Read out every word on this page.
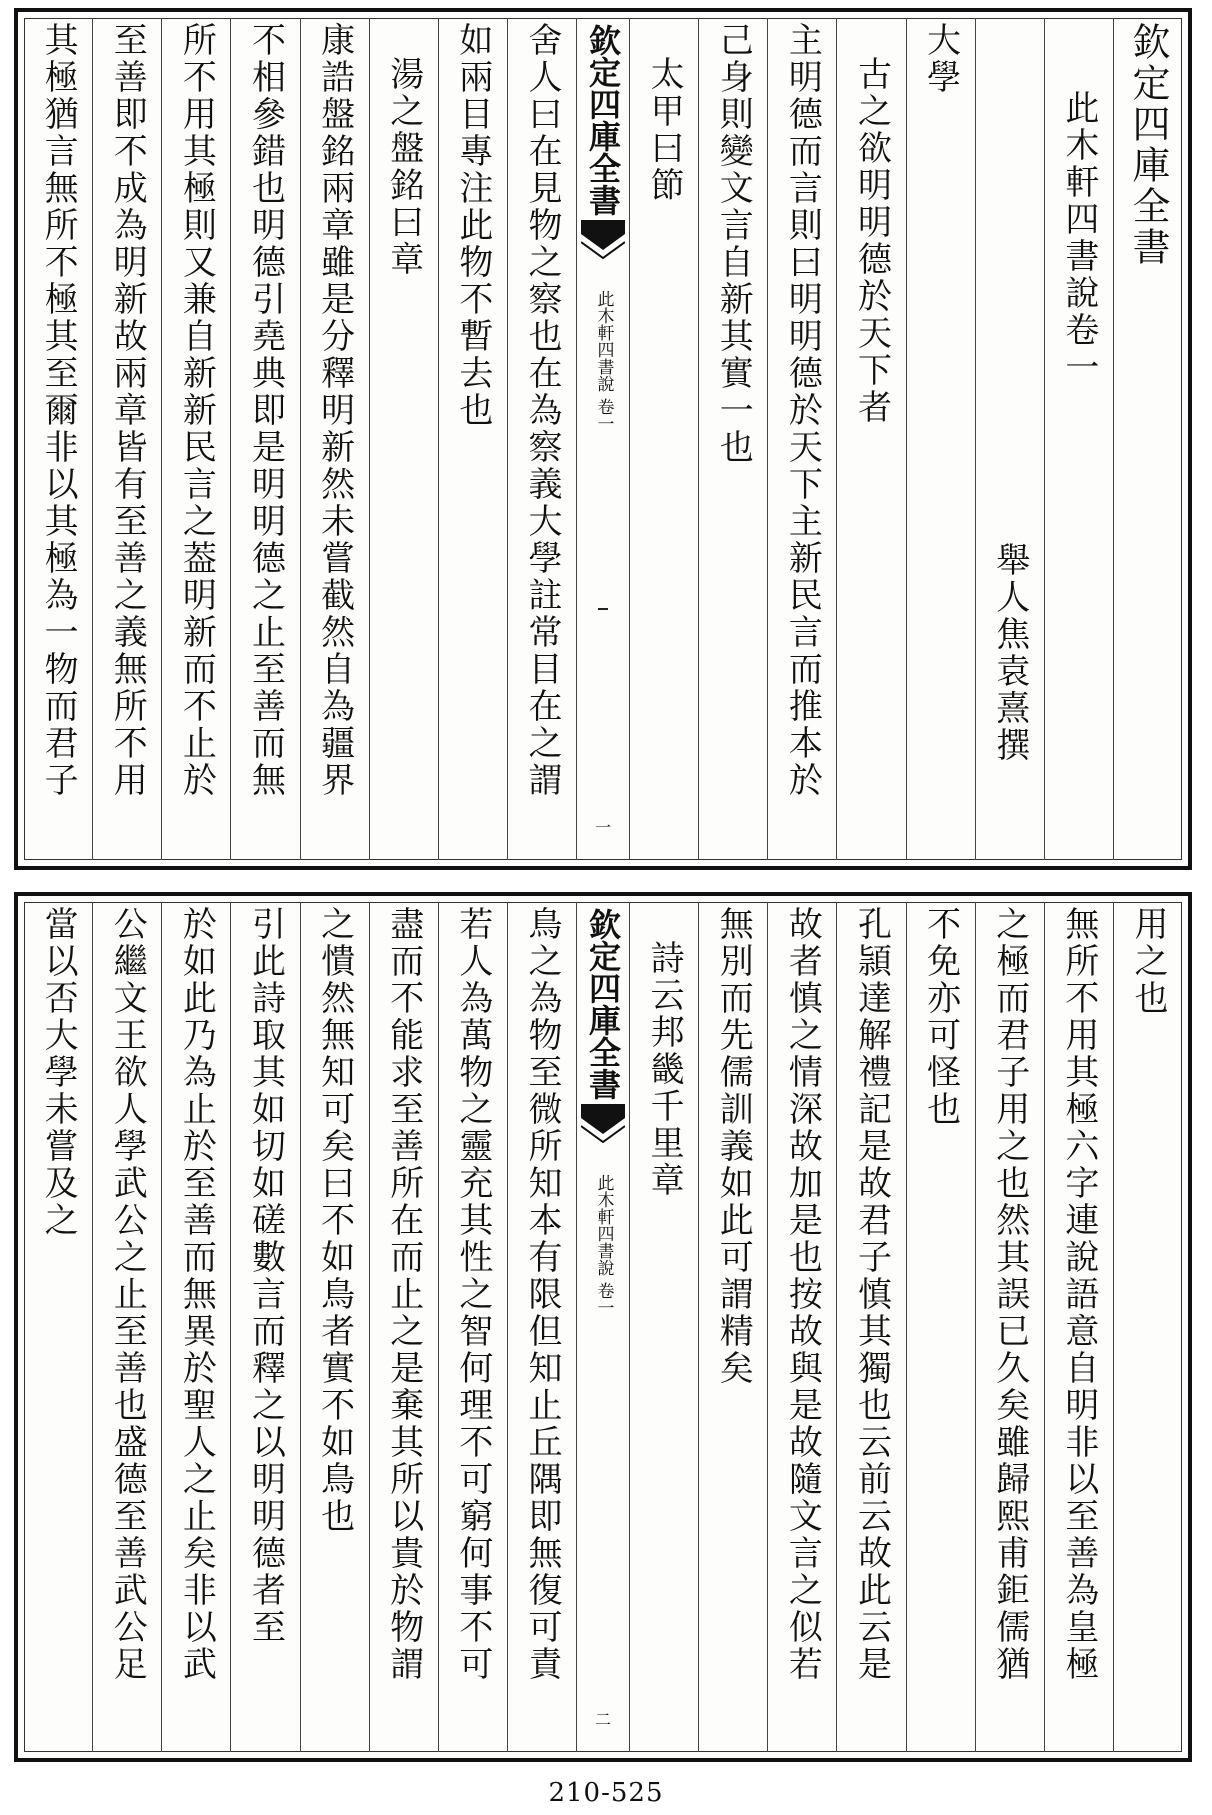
欽定四庫全書
此木軒四書說卷一
舉人焦袁熹撰
大學
古之欲明明德於天下者
主明德而言則曰明明德於天下主新民言而推本於
己身則變文言自新其實一也
太甲曰節
欽定四庫全書
此木軒四書說
卷一
一
舍人曰在見物之察也在為察義大學註常目在之謂
如兩目專注此物不暫去也
湯之盤銘曰章
康誥盤銘兩章雖是分釋明新然未嘗截然自為疆界
不相參錯也明德引堯典即是明明德之止至善而無
所不用其極則又兼自新新民言之葢明新而不止於
至善即不成為明新故兩章皆有至善之義無所不用
其極猶言無所不極其至爾非以其極為一物而君子
用之也
無所不用其極六字連說語意自明非以至善為皇極
之極而君子用之也然其誤已久矣雖歸熙甫鉅儒猶
不免亦可怪也
孔頴達解禮記是故君子慎其獨也云前云故此云是
故者慎之情深故加是也按故與是故隨文言之似若
無別而先儒訓義如此可謂精矣
詩云邦畿千里章
欽定四庫全書
此木軒四書說
卷一
二
鳥之為物至微所知本有限但知止丘隅即無復可責
若人為萬物之靈充其性之智何理不可窮何事不可
盡而不能求至善所在而止之是棄其所以貴於物謂
之憒然無知可矣曰不如鳥者實不如鳥也
引此詩取其如切如磋數言而釋之以明明德者至
於如此乃為止於至善而無異於聖人之止矣非以武
公繼文王欲人學武公之止至善也盛德至善武公足
當以否大學未嘗及之
210-525
